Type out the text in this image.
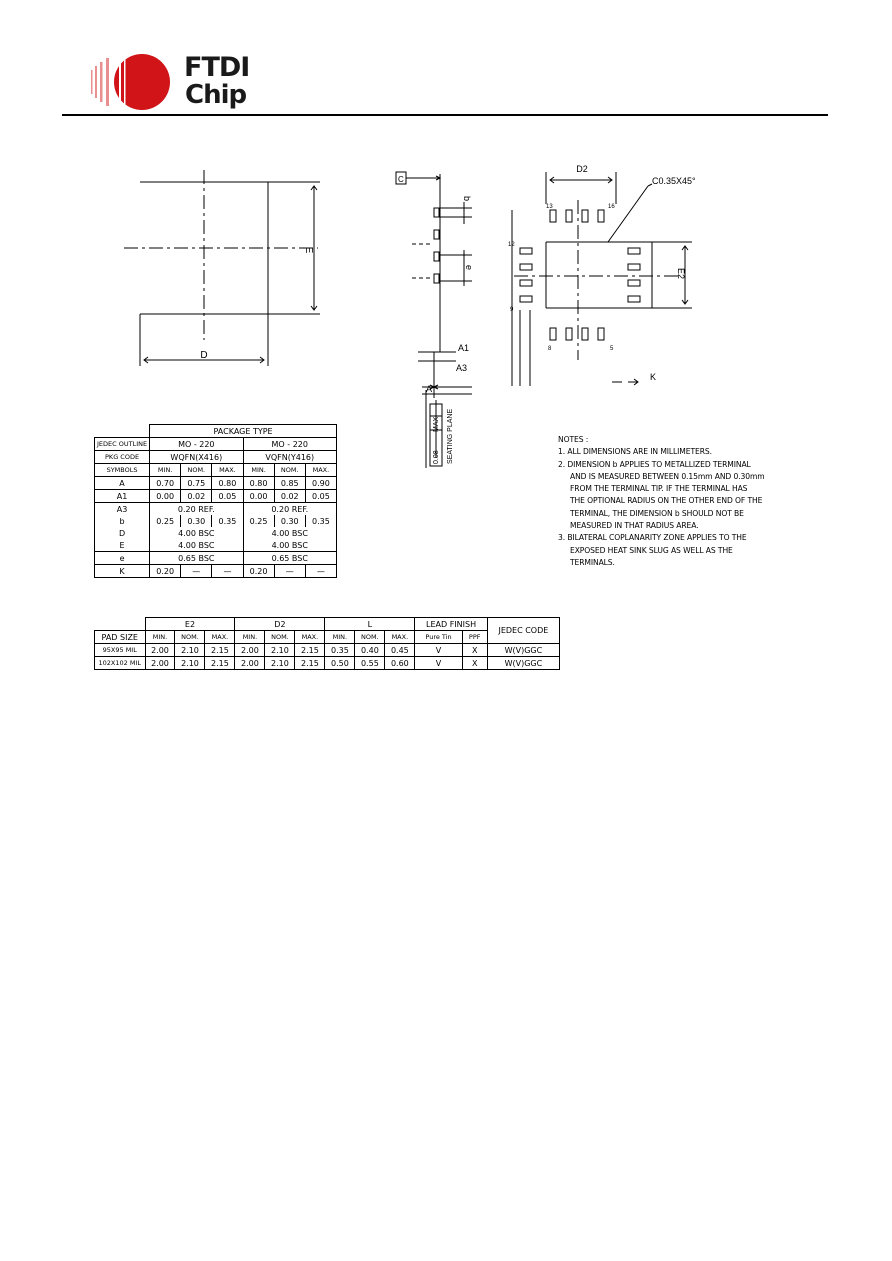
FTDI
Chip
D
E
C
b
e
A1
A3
A
0.08
MAX SEATING PLANE
D2
C0.35X45°
E2
K
13	16
12
9
8	5
	PACKAGE TYPE					
JEDEC OUTLINE	MO - 220			MO - 220		
PKG CODE	WQFN(X416)			VQFN(Y416)		
SYMBOLS	MIN.	NOM.	MAX.	MIN.	NOM.	MAX.
A	0.70	0.75	0.80	0.80	0.85	0.90
A1	0.00	0.02	0.05	0.00	0.02	0.05
A3	0.20 REF.			0.20 REF.		
b	0.25	0.30	0.35	0.25	0.30	0.35
D	4.00 BSC			4.00 BSC		
E	4.00 BSC			4.00 BSC		
e	0.65 BSC			0.65 BSC		
K	0.20	—	—	0.20	—	—
	E2			D2			L			LEAD FINISH		JEDEC CODE
PAD SIZE	MIN.	NOM.	MAX.	MIN.	NOM.	MAX.	MIN.	NOM.	MAX.	Pure Tin	PPF	
95X95 MIL	2.00	2.10	2.15	2.00	2.10	2.15	0.35	0.40	0.45	V	X	W(V)GGC
102X102 MIL	2.00	2.10	2.15	2.00	2.10	2.15	0.50	0.55	0.60	V	X	W(V)GGC
NOTES :
1. ALL DIMENSIONS ARE IN MILLIMETERS.
2. DIMENSION b APPLIES TO METALLIZED TERMINAL
AND IS MEASURED BETWEEN 0.15mm AND 0.30mm
FROM THE TERMINAL TIP. IF THE TERMINAL HAS
THE OPTIONAL RADIUS ON THE OTHER END OF THE
TERMINAL, THE DIMENSION b SHOULD NOT BE
MEASURED IN THAT RADIUS AREA.
3. BILATERAL COPLANARITY ZONE APPLIES TO THE
EXPOSED HEAT SINK SLUG AS WELL AS THE
TERMINALS.
